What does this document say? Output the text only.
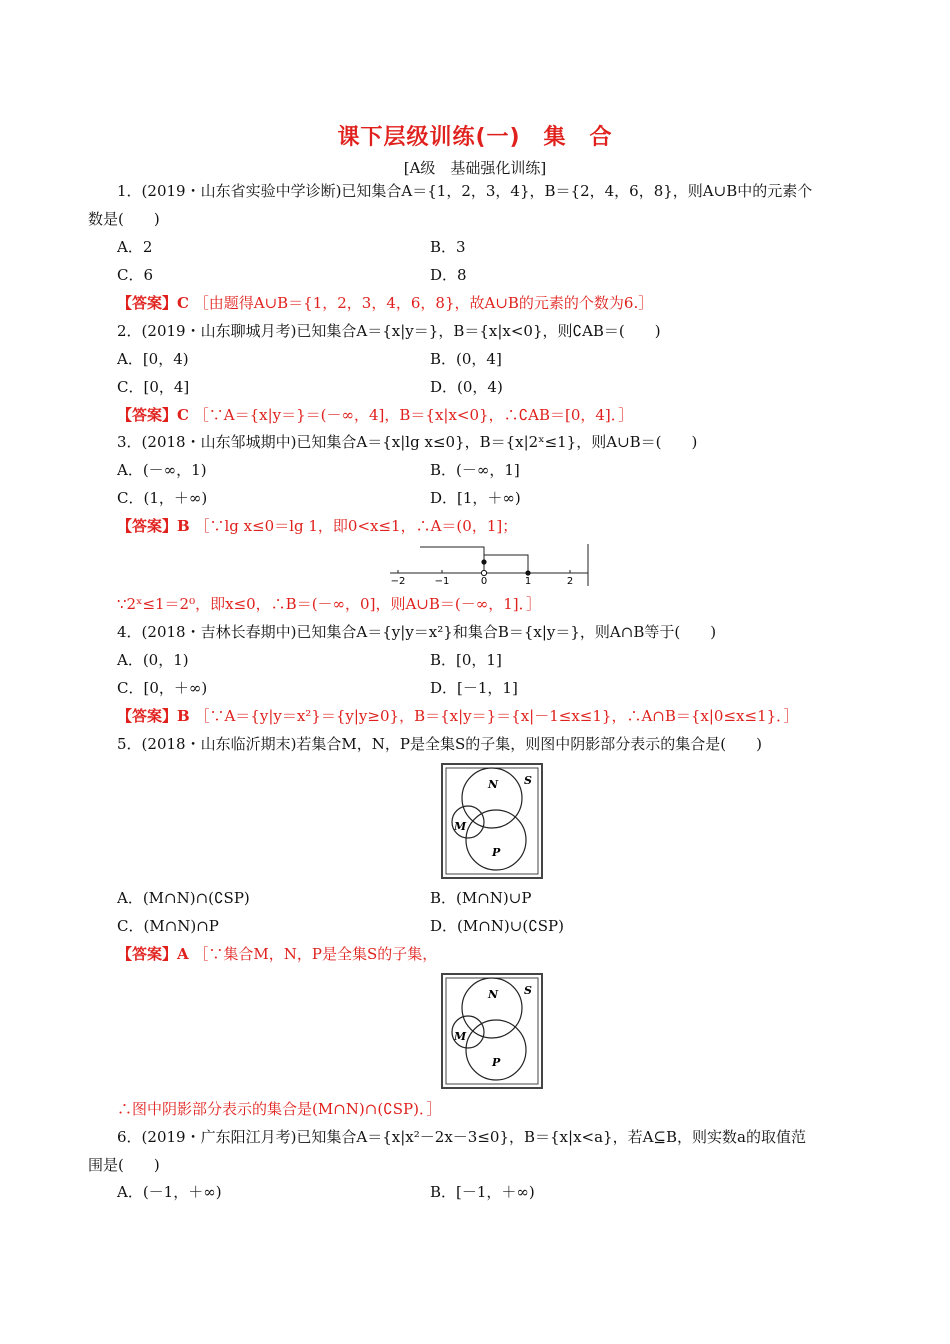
课下层级训练(一)　集　合
[A级　基础强化训练]
1．(2019・山东省实验中学诊断)已知集合A＝{1，2，3，4}，B＝{2，4，6，8}，则A∪B中的元素个
数是(　　)
A．2	B．3
C．6	D．8
【答案】C ［由题得A∪B＝{1，2，3，4，6，8}，故A∪B的元素的个数为6.］
2．(2019・山东聊城月考)已知集合A＝{x|y＝}，B＝{x|x<0}，则∁AB＝(　　)
A．[0，4)	B．(0，4]
C．[0，4]	D．(0，4)
【答案】C ［∵A＝{x|y＝}＝(－∞，4]，B＝{x|x<0}，∴∁AB＝[0，4]．］
3．(2018・山东邹城期中)已知集合A＝{x|lg x≤0}，B＝{x|2ˣ≤1}，则A∪B＝(　　)
A．(－∞，1)	B．(－∞，1]
C．(1，＋∞)	D．[1，＋∞)
【答案】B ［∵lg x≤0＝lg 1，即0<x≤1，∴A＝(0，1]；
−2	−1	0	1	2
∵2ˣ≤1＝2⁰，即x≤0，∴B＝(－∞，0]，则A∪B＝(－∞，1]．］
4．(2018・吉林长春期中)已知集合A＝{y|y＝x²}和集合B＝{x|y＝}，则A∩B等于(　　)
A．(0，1)	B．[0，1]
C．[0，＋∞)	D．[－1，1]
【答案】B ［∵A＝{y|y＝x²}＝{y|y≥0}，B＝{x|y＝}＝{x|－1≤x≤1}，∴A∩B＝{x|0≤x≤1}．］
5．(2018・山东临沂期末)若集合M，N，P是全集S的子集，则图中阴影部分表示的集合是(　　)
N S
M
P
A．(M∩N)∩(∁SP)	B．(M∩N)∪P
C．(M∩N)∩P	D．(M∩N)∪(∁SP)
【答案】A ［∵集合M，N，P是全集S的子集，
N S
M
P
∴图中阴影部分表示的集合是(M∩N)∩(∁SP)．］
6．(2019・广东阳江月考)已知集合A＝{x|x²－2x－3≤0}，B＝{x|x<a}，若A⊆B，则实数a的取值范
围是(　　)
A．(－1，＋∞)	B．[－1，＋∞)
